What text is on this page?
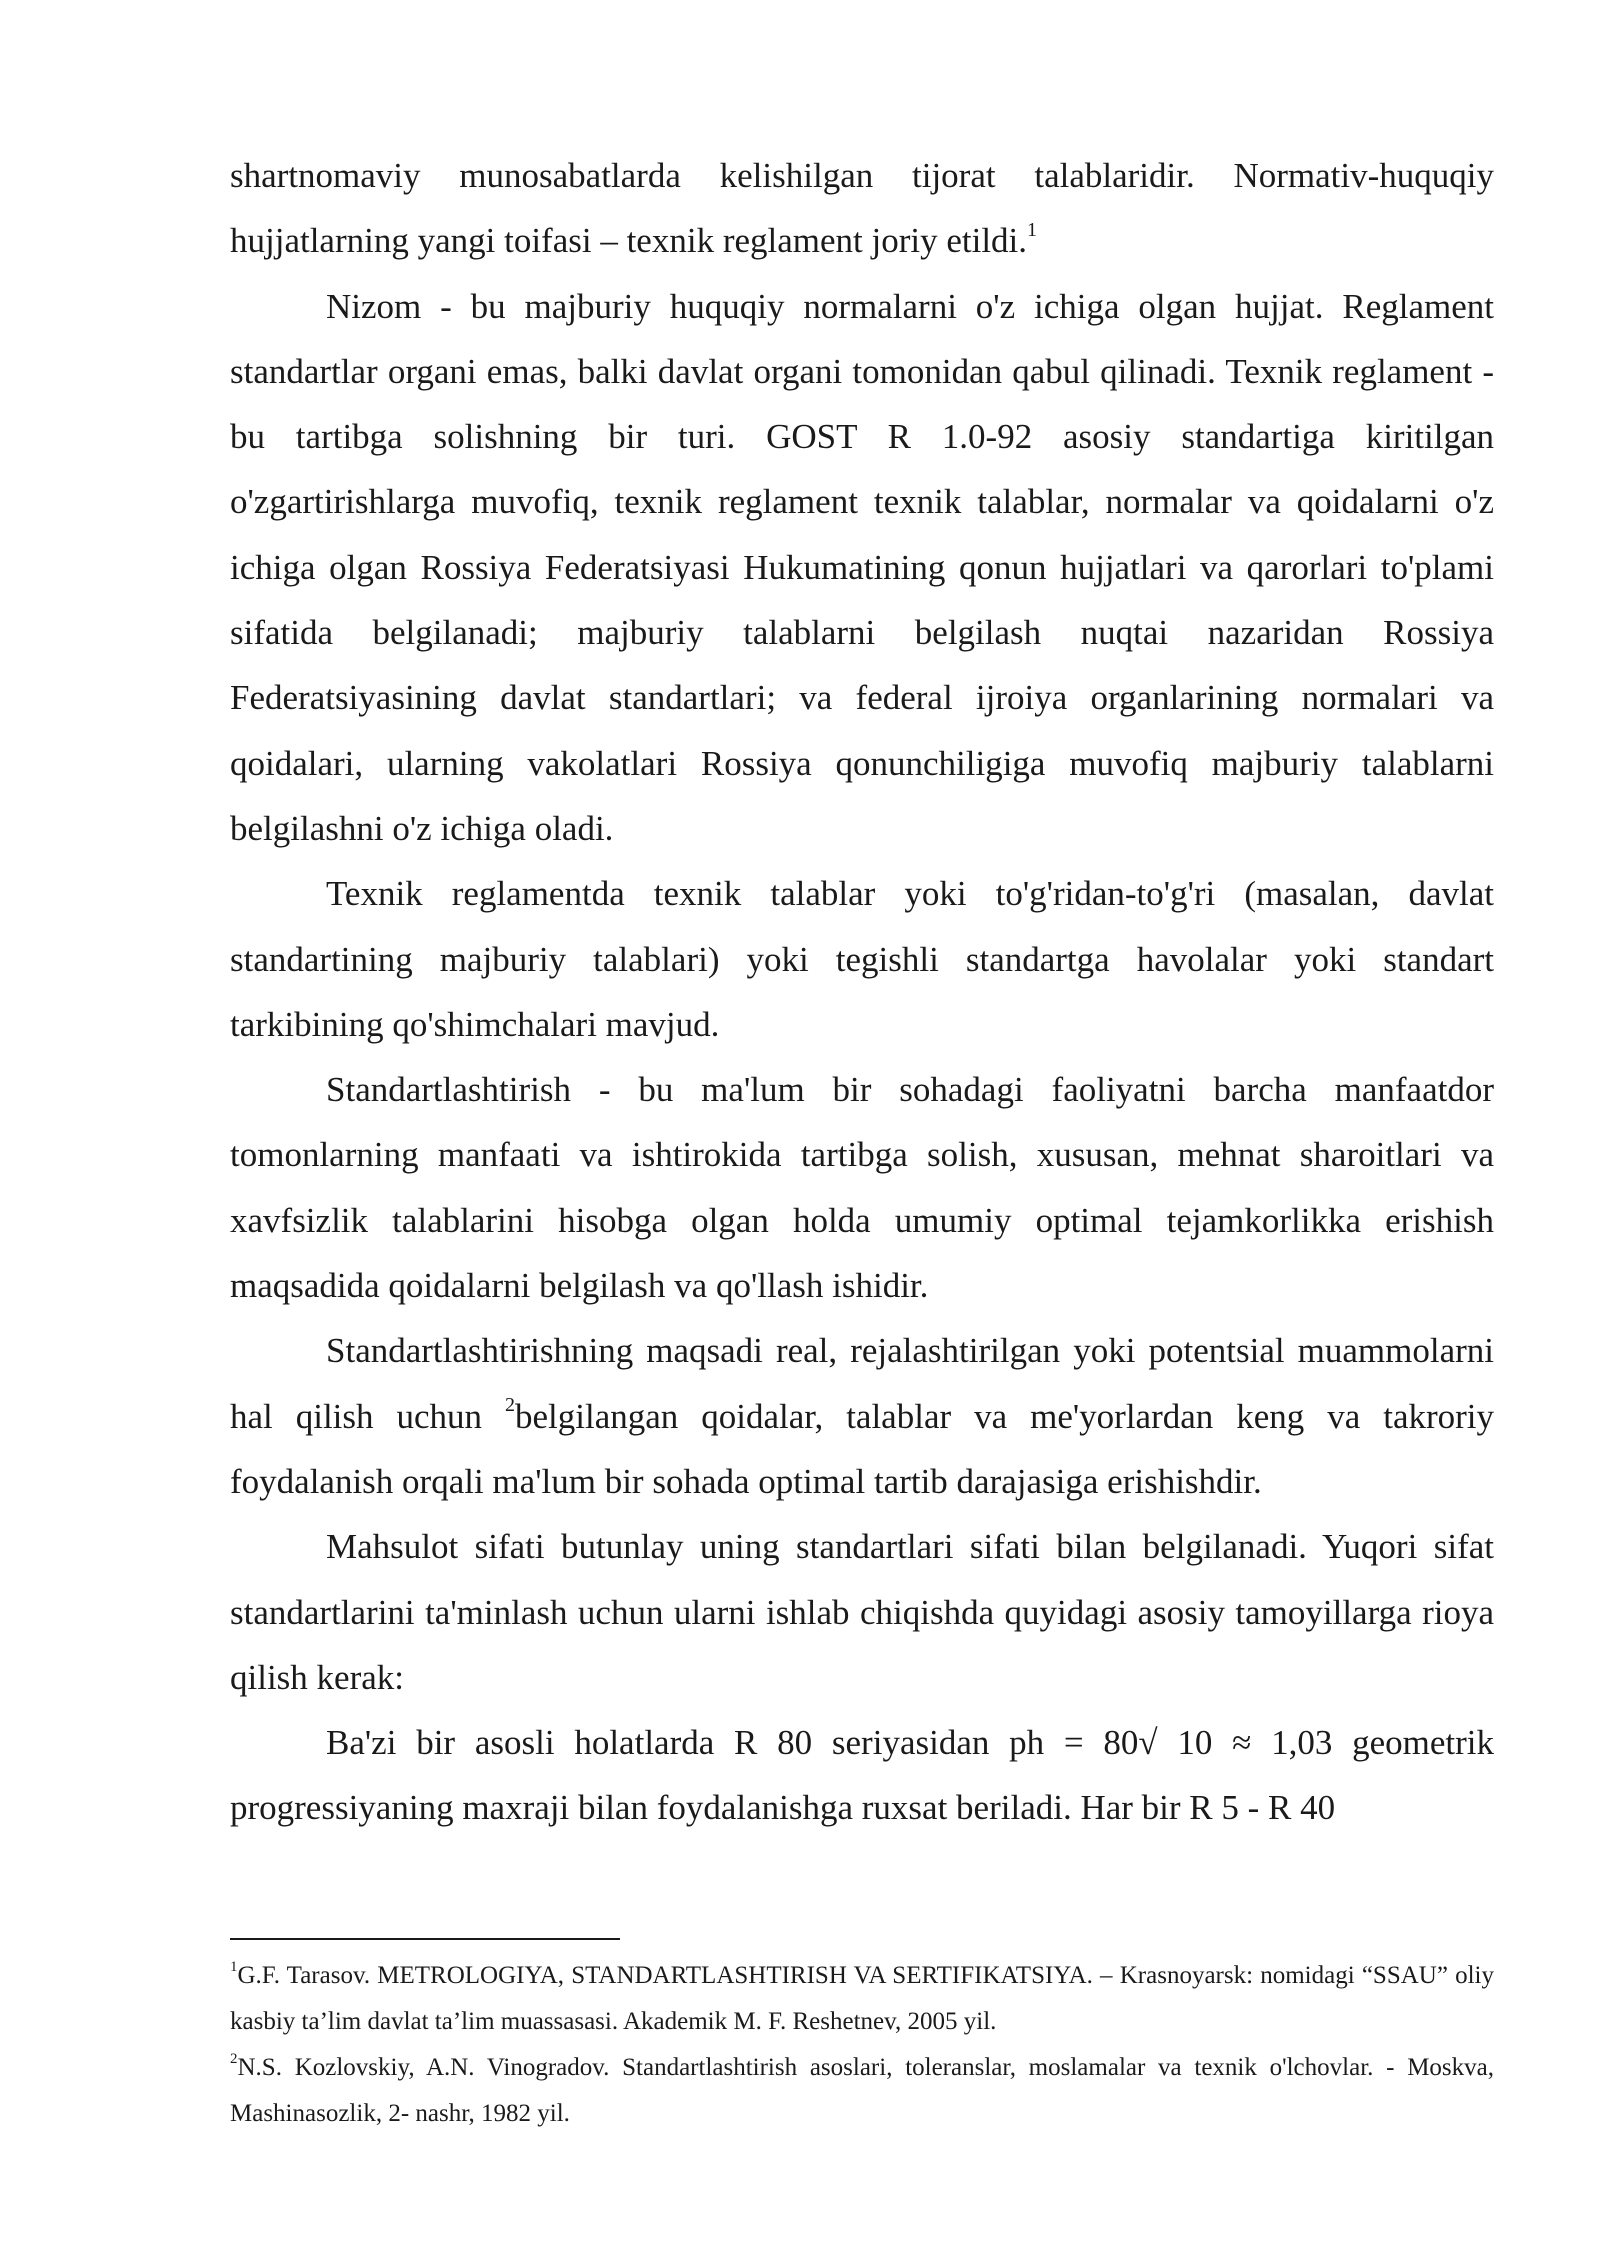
shartnomaviy munosabatlarda kelishilgan tijorat talablaridir. Normativ-huquqiy hujjatlarning yangi toifasi – texnik reglament joriy etildi.$^1$

Nizom - bu majburiy huquqiy normalarni o'z ichiga olgan hujjat. Reglament standartlar organi emas, balki davlat organi tomonidan qabul qilinadi. Texnik reglament - bu tartibga solishning bir turi. GOST R 1.0-92 asosiy standartiga kiritilgan o'zgartirishlarga muvofiq, texnik reglament texnik talablar, normalar va qoidalarni o'z ichiga olgan Rossiya Federatsiyasi Hukumatining qonun hujjatlari va qarorlari to'plami sifatida belgilanadi; majburiy talablarni belgilash nuqtai nazaridan Rossiya Federatsiyasining davlat standartlari; va federal ijroiya organlarining normalari va qoidalari, ularning vakolatlari Rossiya qonunchiligiga muvofiq majburiy talablarni belgilashni o'z ichiga oladi.

Texnik reglamentda texnik talablar yoki to'g'ridan-to'g'ri (masalan, davlat standartining majburiy talablari) yoki tegishli standartga havolalar yoki standart tarkibining qo'shimchalari mavjud.

Standartlashtirish - bu ma'lum bir sohadagi faoliyatni barcha manfaatdor tomonlarning manfaati va ishtirokida tartibga solish, xususan, mehnat sharoitlari va xavfsizlik talablarini hisobga olgan holda umumiy optimal tejamkorlikka erishish maqsadida qoidalarni belgilash va qo'llash ishidir.

Standartlashtirishning maqsadi real, rejalashtirilgan yoki potentsial muammolarni hal qilish uchun $^2$belgilangan qoidalar, talablar va me'yorlardan keng va takroriy foydalanish orqali ma'lum bir sohada optimal tartib darajasiga erishishdir.

Mahsulot sifati butunlay uning standartlari sifati bilan belgilanadi. Yuqori sifat standartlarini ta'minlash uchun ularni ishlab chiqishda quyidagi asosiy tamoyillarga rioya qilish kerak:

Ba'zi bir asosli holatlarda R 80 seriyasidan ph = 80√ 10 ≈ 1,03 geometrik progressiyaning maxraji bilan foydalanishga ruxsat beriladi. Har bir R 5 - R 40

$^1$G.F. Tarasov. METROLOGIYA, STANDARTLASHTIRISH VA SERTIFIKATSIYA. – Krasnoyarsk: nomidagi “SSAU” oliy kasbiy ta’lim davlat ta’lim muassasasi. Akademik M. F. Reshetnev, 2005 yil.

$^2$N.S. Kozlovskiy, A.N. Vinogradov. Standartlashtirish asoslari, toleranslar, moslamalar va texnik o'lchovlar. - Moskva, Mashinasozlik, 2- nashr, 1982 yil.
